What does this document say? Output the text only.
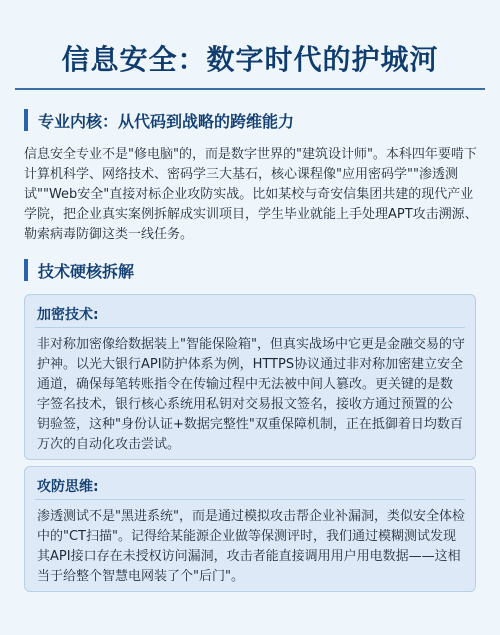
信息安全：数字时代的护城河
专业内核：从代码到战略的跨维能力
信息安全专业不是"修电脑"的，而是数字世界的"建筑设计师"。本科四年要啃下计算机科学、网络技术、密码学三大基石，核心课程像"应用密码学""渗透测试""Web安全"直接对标企业攻防实战。比如某校与奇安信集团共建的现代产业学院，把企业真实案例拆解成实训项目，学生毕业就能上手处理APT攻击溯源、勒索病毒防御这类一线任务。
技术硬核拆解
加密技术:
非对称加密像给数据装上"智能保险箱"，但真实战场中它更是金融交易的守护神。以光大银行API防护体系为例，HTTPS协议通过非对称加密建立安全通道，确保每笔转账指令在传输过程中无法被中间人篡改。更关键的是数字签名技术，银行核心系统用私钥对交易报文签名，接收方通过预置的公钥验签，这种"身份认证+数据完整性"双重保障机制，正在抵御着日均数百万次的自动化攻击尝试。
攻防思维:
渗透测试不是"黑进系统"，而是通过模拟攻击帮企业补漏洞，类似安全体检中的"CT扫描"。记得给某能源企业做等保测评时，我们通过模糊测试发现其API接口存在未授权访问漏洞，攻击者能直接调用用户用电数据——这相当于给整个智慧电网装了个"后门"。
